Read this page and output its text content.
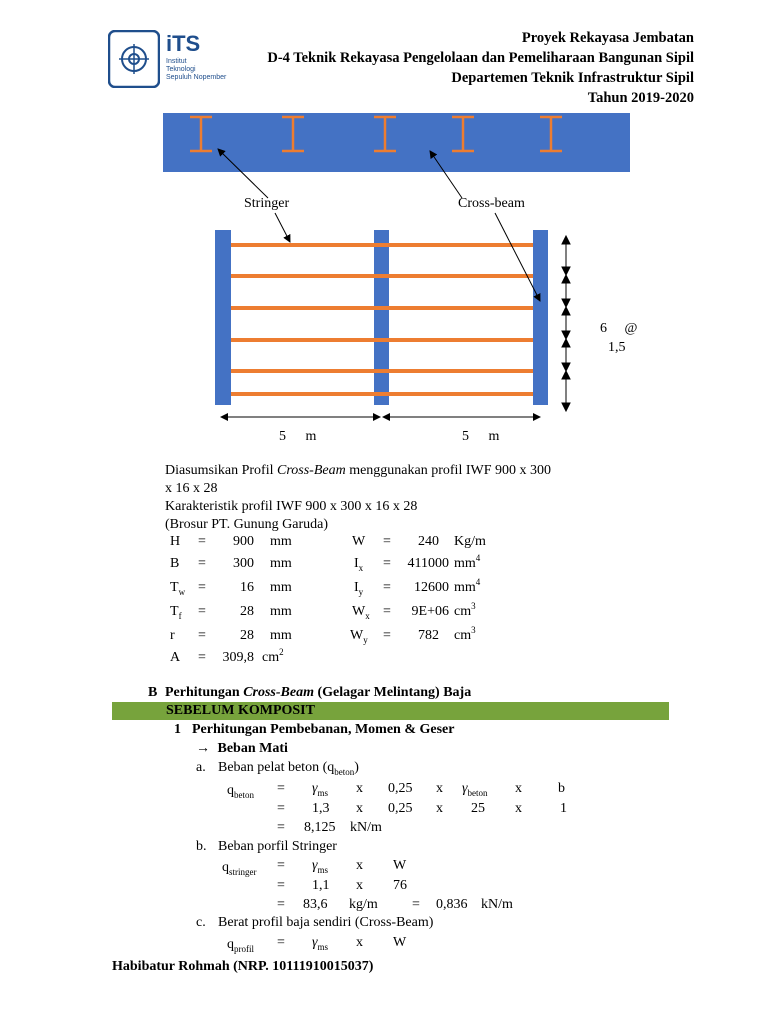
iTS
Institut
Teknologi
Sepuluh Nopember
Proyek Rekayasa Jembatan
D-4 Teknik Rekayasa Pengelolaan dan Pemeliharaan Bangunan Sipil
Departemen Teknik Infrastruktur Sipil
Tahun 2019-2020
Stringer	Cross-beam
6 @
1,5
5 m	5 m
Diasumsikan Profil Cross-Beam menggunakan profil IWF 900 x 300
x 16 x 28
Karakteristik profil IWF 900 x 300 x 16 x 28
(Brosur PT. Gunung Garuda)
H =	900 mm
B =	300 mm
$T_w$ =	16 mm
$T_f$ =	28 mm
r =	28 mm
A = 309,8 $cm^2$
W =	240 Kg/m
$I_x$ =	411000 $mm^4$
$I_y$ =	12600 $mm^4$
$W_x$ =	9E+06 $cm^3$
$W_y$ =	782 $cm^3$
B Perhitungan Cross-Beam (Gelagar Melintang) Baja
SEBELUM KOMPOSIT
1 Perhitungan Pembebanan, Momen & Geser
→ Beban Mati
a. Beban pelat beton $(q_{beton})$
$q_{beton} = \gamma_{ms}$ x 0,25 x $\gamma_{beton}$ x	b
= 1,3 x 0,25 x 25 x	1
= 8,125 kN/m
b. Beban porfil Stringer
$q_{stringer} = \gamma_{ms}$ x W
= 1,1 x 76
= 83,6 kg/m = 0,836 kN/m
c. Berat profil baja sendiri (Cross-Beam)
$q_{profil} = \gamma_{ms}$ x W
Habibatur Rohmah (NRP. 10111910015037)
